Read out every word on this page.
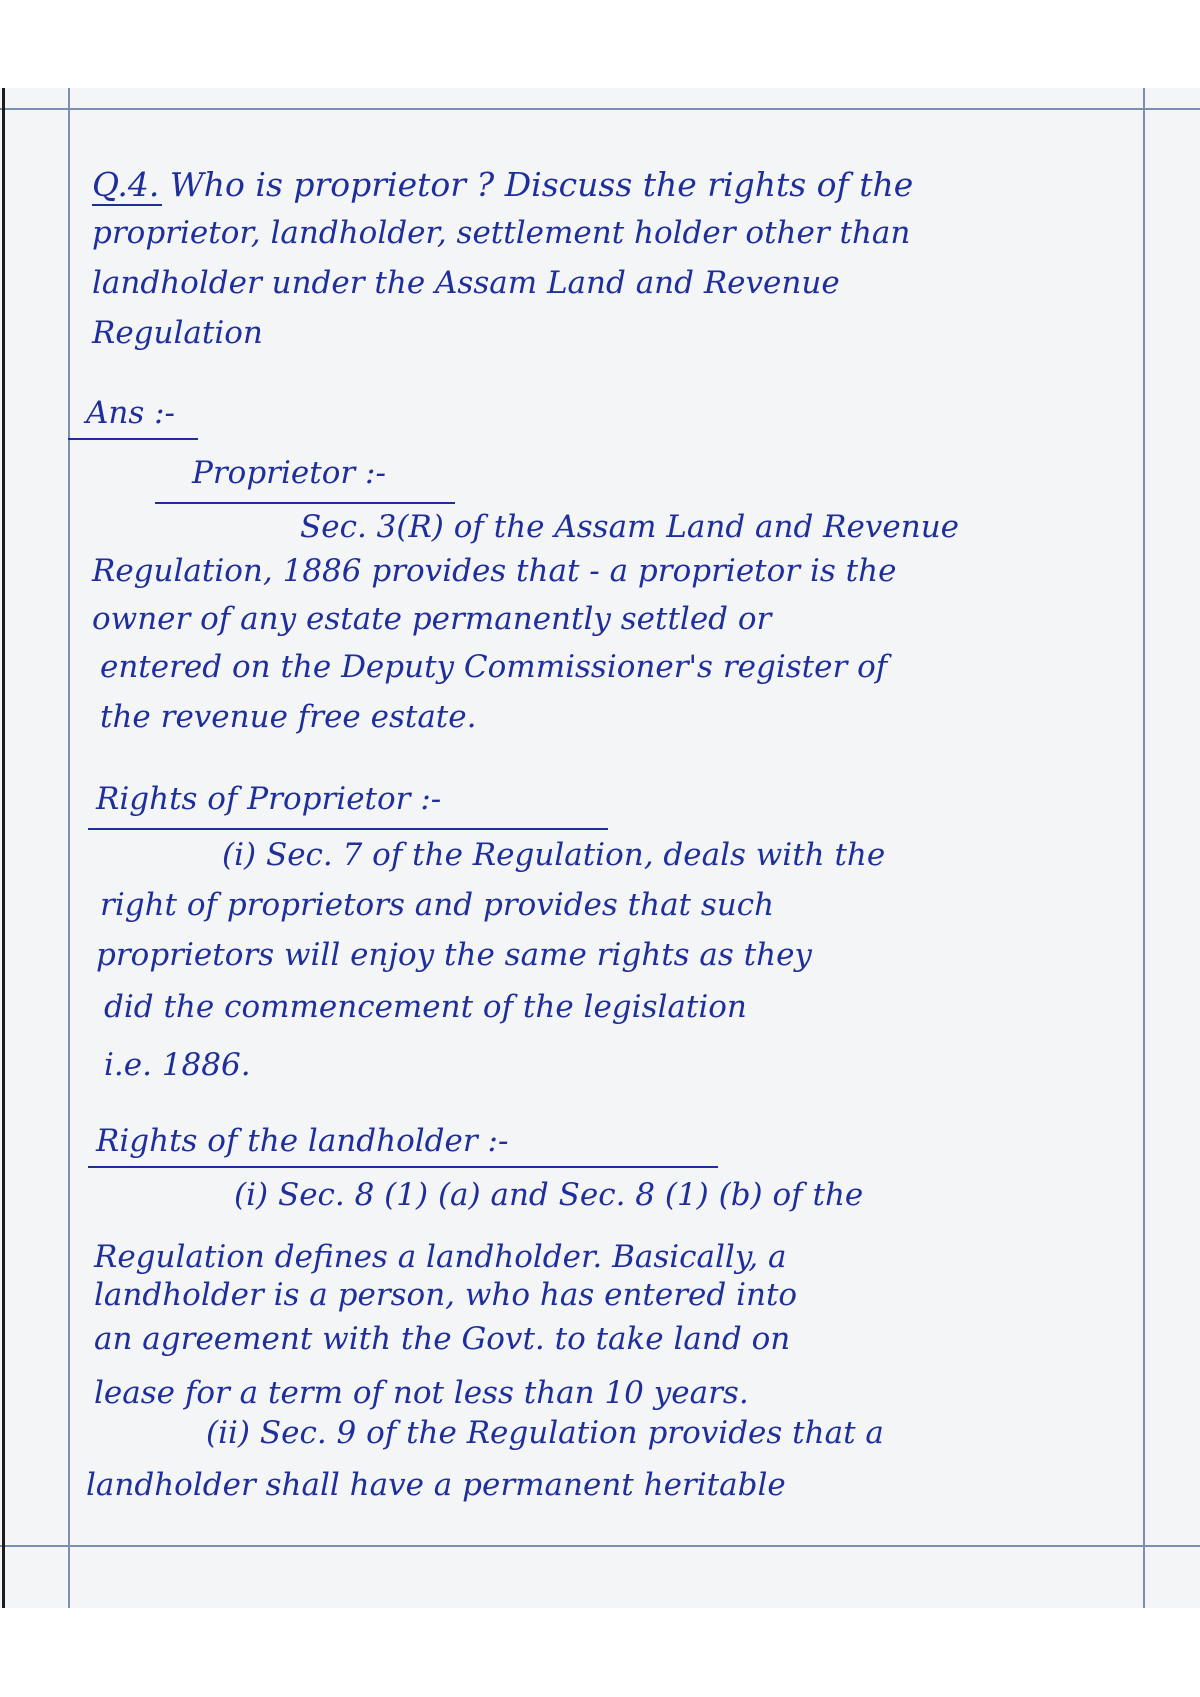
Q.4. Who is proprietor ? Discuss the rights of the
proprietor, landholder, settlement holder other than
landholder under the Assam Land and Revenue
Regulation
Ans :-
Proprietor :-
Sec. 3(R) of the Assam Land and Revenue
Regulation, 1886 provides that - a proprietor is the
owner of any estate permanently settled or
entered on the Deputy Commissioner's register of
the revenue free estate.
Rights of Proprietor :-
(i) Sec. 7 of the Regulation, deals with the
right of proprietors and provides that such
proprietors will enjoy the same rights as they
did the commencement of the legislation
i.e. 1886.
Rights of the landholder :-
(i) Sec. 8 (1) (a) and Sec. 8 (1) (b) of the
Regulation defines a landholder. Basically, a
landholder is a person, who has entered into
an agreement with the Govt. to take land on
lease for a term of not less than 10 years.
(ii) Sec. 9 of the Regulation provides that a
landholder shall have a permanent heritable
